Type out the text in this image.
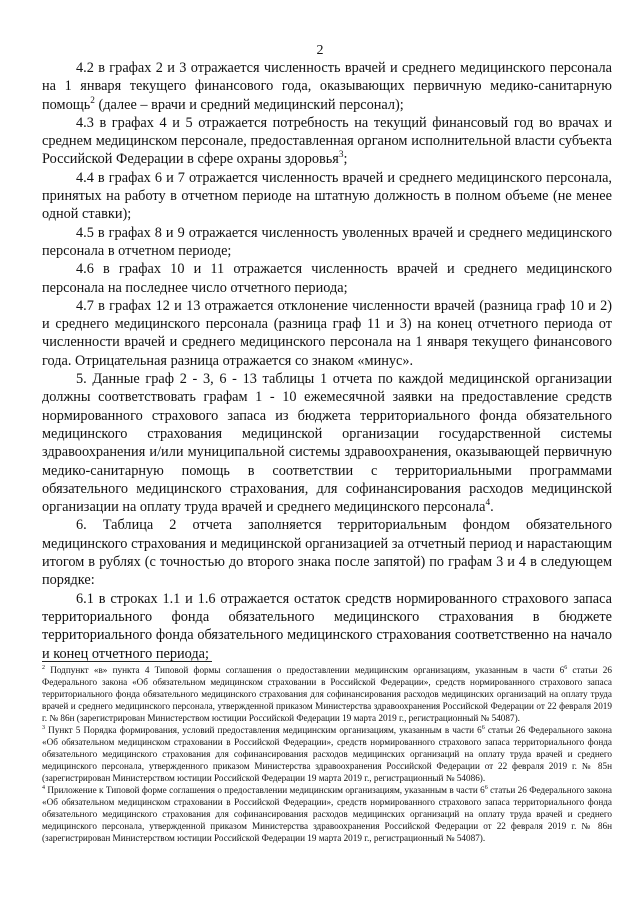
2

4.2 в графах 2 и 3 отражается численность врачей и среднего медицинского персонала на 1 января текущего финансового года, оказывающих первичную медико-санитарную помощь$^2$ (далее – врачи и средний медицинский персонал);

4.3 в графах 4 и 5 отражается потребность на текущий финансовый год во врачах и среднем медицинском персонале, предоставленная органом исполнительной власти субъекта Российской Федерации в сфере охраны здоровья$^3$;

4.4 в графах 6 и 7 отражается численность врачей и среднего медицинского персонала, принятых на работу в отчетном периоде на штатную должность в полном объеме (не менее одной ставки);

4.5 в графах 8 и 9 отражается численность уволенных врачей и среднего медицинского персонала в отчетном периоде;

4.6 в графах 10 и 11 отражается численность врачей и среднего медицинского персонала на последнее число отчетного периода;

4.7 в графах 12 и 13 отражается отклонение численности врачей (разница граф 10 и 2) и среднего медицинского персонала (разница граф 11 и 3) на конец отчетного периода от численности врачей и среднего медицинского персонала на 1 января текущего финансового года. Отрицательная разница отражается со знаком «минус».

5. Данные граф 2 - 3, 6 - 13 таблицы 1 отчета по каждой медицинской организации должны соответствовать графам 1 - 10 ежемесячной заявки на предоставление средств нормированного страхового запаса из бюджета территориального фонда обязательного медицинского страхования медицинской организации государственной системы здравоохранения и/или муниципальной системы здравоохранения, оказывающей первичную медико-санитарную помощь в соответствии с территориальными программами обязательного медицинского страхования, для софинансирования расходов медицинской организации на оплату труда врачей и среднего медицинского персонала$^4$.

6. Таблица 2 отчета заполняется территориальным фондом обязательного медицинского страхования и медицинской организацией за отчетный период и нарастающим итогом в рублях (с точностью до второго знака после запятой) по графам 3 и 4 в следующем порядке:

6.1 в строках 1.1 и 1.6 отражается остаток средств нормированного страхового запаса территориального фонда обязательного медицинского страхования в бюджете территориального фонда обязательного медицинского страхования соответственно на начало и конец отчетного периода;

$^2$ Подпункт «в» пункта 4 Типовой формы соглашения о предоставлении медицинским организациям, указанным в части $6^6$ статьи 26 Федерального закона «Об обязательном медицинском страховании в Российской Федерации», средств нормированного страхового запаса территориального фонда обязательного медицинского страхования для софинансирования расходов медицинских организаций на оплату труда врачей и среднего медицинского персонала, утвержденной приказом Министерства здравоохранения Российской Федерации от 22 февраля 2019 г. № 86н (зарегистрирован Министерством юстиции Российской Федерации 19 марта 2019 г., регистрационный № 54087).

$^3$ Пункт 5 Порядка формирования, условий предоставления медицинским организациям, указанным в части $6^6$ статьи 26 Федерального закона «Об обязательном медицинском страховании в Российской Федерации», средств нормированного страхового запаса территориального фонда обязательного медицинского страхования для софинансирования расходов медицинских организаций на оплату труда врачей и среднего медицинского персонала, утвержденного приказом Министерства здравоохранения Российской Федерации от 22 февраля 2019 г. № 85н (зарегистрирован Министерством юстиции Российской Федерации 19 марта 2019 г., регистрационный № 54086).

$^4$ Приложение к Типовой форме соглашения о предоставлении медицинским организациям, указанным в части $6^6$ статьи 26 Федерального закона «Об обязательном медицинском страховании в Российской Федерации», средств нормированного страхового запаса территориального фонда обязательного медицинского страхования для софинансирования расходов медицинских организаций на оплату труда врачей и среднего медицинского персонала, утвержденной приказом Министерства здравоохранения Российской Федерации от 22 февраля 2019 г. № 86н (зарегистрирован Министерством юстиции Российской Федерации 19 марта 2019 г., регистрационный № 54087).
